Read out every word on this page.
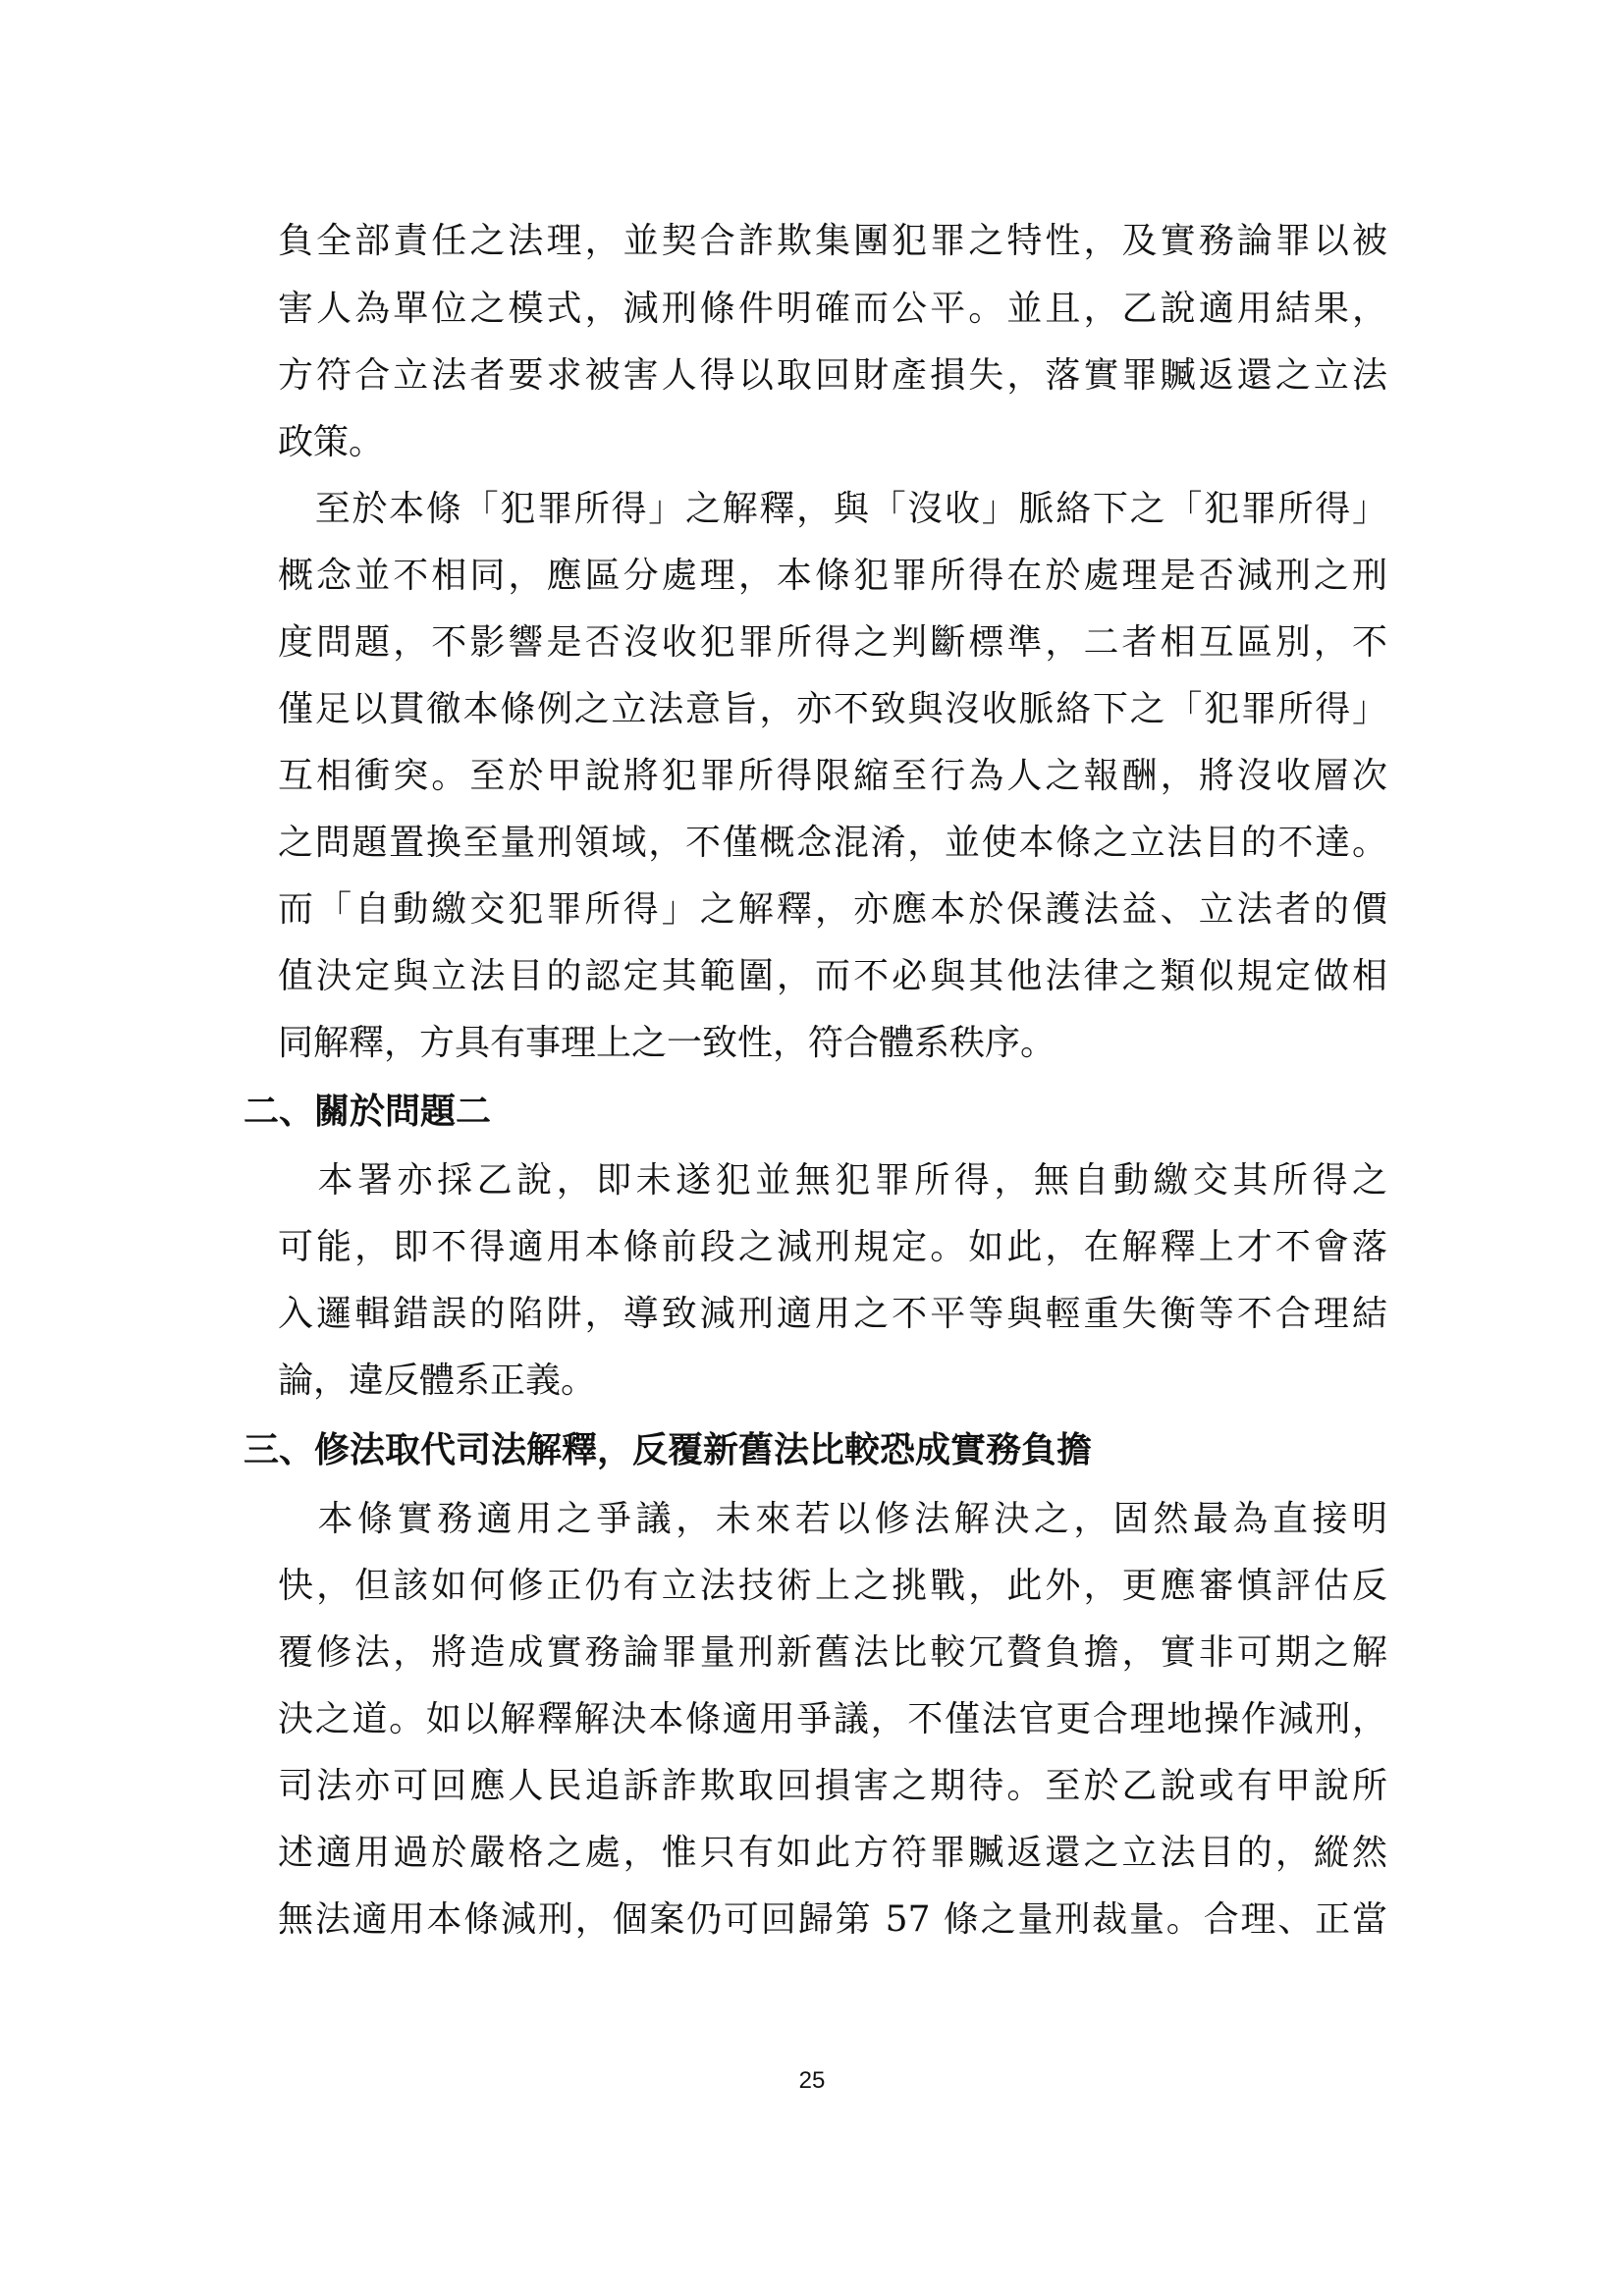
負全部責任之法理，並契合詐欺集團犯罪之特性，及實務論罪以被
害人為單位之模式，減刑條件明確而公平。並且，乙說適用結果，
方符合立法者要求被害人得以取回財產損失，落實罪贓返還之立法
政策。
　至於本條「犯罪所得」之解釋，與「沒收」脈絡下之「犯罪所得」
概念並不相同，應區分處理，本條犯罪所得在於處理是否減刑之刑
度問題，不影響是否沒收犯罪所得之判斷標準，二者相互區別，不
僅足以貫徹本條例之立法意旨，亦不致與沒收脈絡下之「犯罪所得」
互相衝突。至於甲說將犯罪所得限縮至行為人之報酬，將沒收層次
之問題置換至量刑領域，不僅概念混淆，並使本條之立法目的不達。
而「自動繳交犯罪所得」之解釋，亦應本於保護法益、立法者的價
值決定與立法目的認定其範圍，而不必與其他法律之類似規定做相
同解釋，方具有事理上之一致性，符合體系秩序。
二、關於問題二
　本署亦採乙說，即未遂犯並無犯罪所得，無自動繳交其所得之
可能，即不得適用本條前段之減刑規定。如此，在解釋上才不會落
入邏輯錯誤的陷阱，導致減刑適用之不平等與輕重失衡等不合理結
論，違反體系正義。
三、修法取代司法解釋，反覆新舊法比較恐成實務負擔
　本條實務適用之爭議，未來若以修法解決之，固然最為直接明
快，但該如何修正仍有立法技術上之挑戰，此外，更應審慎評估反
覆修法，將造成實務論罪量刑新舊法比較冗贅負擔，實非可期之解
決之道。如以解釋解決本條適用爭議，不僅法官更合理地操作減刑，
司法亦可回應人民追訴詐欺取回損害之期待。至於乙說或有甲說所
述適用過於嚴格之處，惟只有如此方符罪贓返還之立法目的，縱然
無法適用本條減刑，個案仍可回歸第 57 條之量刑裁量。合理、正當
25
